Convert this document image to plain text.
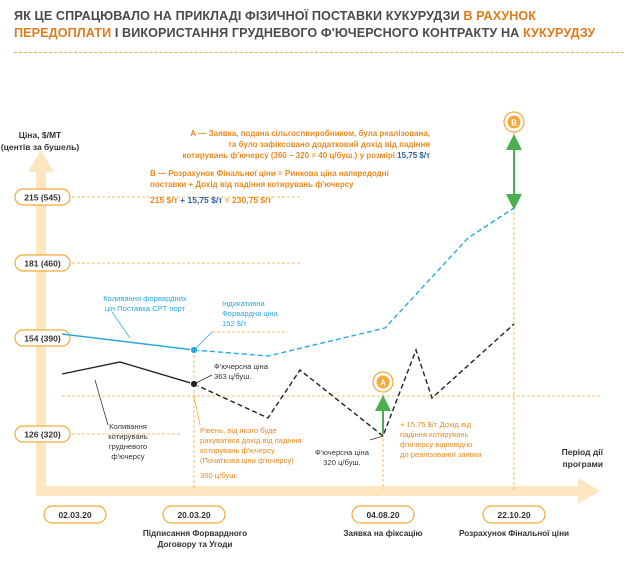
ЯК ЦЕ СПРАЦЮВАЛО НА ПРИКЛАДІ ФІЗИЧНОЇ ПОСТАВКИ КУКУРУДЗИ В РАХУНОК ПЕРЕДОПЛАТИ І ВИКОРИСТАННЯ ГРУДНЕВОГО Ф'ЮЧЕРСНОГО КОНТРАКТУ НА КУКУРУДЗУ
Ціна, $/МТ
(центів за бушель)
Період дії
програми
215 (545)
181 (460)
154 (390)
126 (320)
02.03.20	20.03.20	04.08.20	22.10.20
Підписання Форвардного
Договору та Угоди
Заявка на фіксацію	Розрахунок Фінальної ціни
A
B
А — Заявка, подана сільгоспвиробником, була реалізована,
та було зафіксовано додатковий дохід від падіння
котирувань ф'ючерсу (360 – 320 = 40 ц/буш.) у розмірі 15,75 $/т
В — Розрахунок Фінальної ціни = Ринкова ціна напередодні
поставки + Дохід від падіння котирувань ф'ючерсу
215 $/т + 15,75 $/т = 230,75 $/т
Коливання форвардних
цін Поставка CPT порт
Індикативна
Форвардна ціна
152 $/т
Коливання
котирувань
грудневого
ф'ючерсу
Ф'ючерсна ціна
363 ц/буш.
Рівень, від якого буде
рахуватися дохід від падіння
котирувань ф'ючерсу
(Початкова ціна ф'ючерсу)
360 ц/буш.
Ф'ючерсна ціна
320 ц/буш.
+ 15,75 $/т Дохід від
падіння котирувань
ф'ючерсу відповідно
до реалізованої заявки
